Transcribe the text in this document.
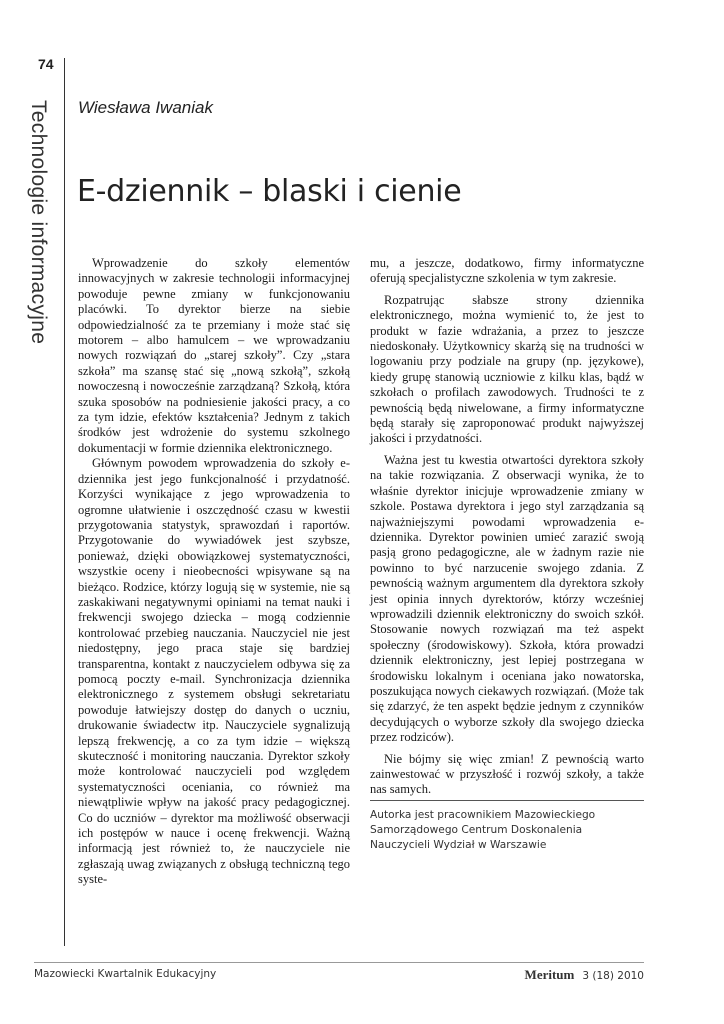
74
Technologie informacyjne Wiesława Iwaniak
E-dziennik – blaski i cienie

Wprowadzenie do szkoły elementów innowacyjnych w zakresie technologii informacyjnej powoduje pewne zmiany w funkcjonowaniu placówki. To dyrektor bierze na siebie odpowiedzialność za te przemiany i może stać się motorem – albo hamulcem – we wprowadzaniu nowych rozwiązań do „starej szkoły”. Czy „stara szkoła” ma szansę stać się „nową szkołą”, szkołą nowoczesną i nowocześnie zarządzaną? Szkołą, która szuka sposobów na podniesienie jakości pracy, a co za tym idzie, efektów kształcenia? Jednym z takich środków jest wdrożenie do systemu szkolnego dokumentacji w formie dziennika elektronicznego.

Głównym powodem wprowadzenia do szkoły e-dziennika jest jego funkcjonalność i przydatność. Korzyści wynikające z jego wprowadzenia to ogromne ułatwienie i oszczędność czasu w kwestii przygotowania statystyk, sprawozdań i raportów. Przygotowanie do wywiadówek jest szybsze, ponieważ, dzięki obowiązkowej systematyczności, wszystkie oceny i nieobecności wpisywane są na bieżąco. Rodzice, którzy logują się w systemie, nie są zaskakiwani negatywnymi opiniami na temat nauki i frekwencji swojego dziecka – mogą codziennie kontrolować przebieg nauczania. Nauczyciel nie jest niedostępny, jego praca staje się bardziej transparentna, kontakt z nauczycielem odbywa się za pomocą poczty e-mail. Synchronizacja dziennika elektronicznego z systemem obsługi sekretariatu powoduje łatwiejszy dostęp do danych o uczniu, drukowanie świadectw itp. Nauczyciele sygnalizują lepszą frekwencję, a co za tym idzie – większą skuteczność i monitoring nauczania. Dyrektor szkoły może kontrolować nauczycieli pod względem systematyczności oceniania, co również ma niewątpliwie wpływ na jakość pracy pedagogicznej. Co do uczniów – dyrektor ma możliwość obserwacji ich postępów w nauce i ocenę frekwencji. Ważną informacją jest również to, że nauczyciele nie zgłaszają uwag związanych z obsługą techniczną tego syste-

mu, a jeszcze, dodatkowo, firmy informatyczne oferują specjalistyczne szkolenia w tym zakresie.

Rozpatrując słabsze strony dziennika elektronicznego, można wymienić to, że jest to produkt w fazie wdrażania, a przez to jeszcze niedoskonały. Użytkownicy skarżą się na trudności w logowaniu przy podziale na grupy (np. językowe), kiedy grupę stanowią uczniowie z kilku klas, bądź w szkołach o profilach zawodowych. Trudności te z pewnością będą niwelowane, a firmy informatyczne będą starały się zaproponować produkt najwyższej jakości i przydatności.

Ważna jest tu kwestia otwartości dyrektora szkoły na takie rozwiązania. Z obserwacji wynika, że to właśnie dyrektor inicjuje wprowadzenie zmiany w szkole. Postawa dyrektora i jego styl zarządzania są najważniejszymi powodami wprowadzenia e-dziennika. Dyrektor powinien umieć zarazić swoją pasją grono pedagogiczne, ale w żadnym razie nie powinno to być narzucenie swojego zdania. Z pewnością ważnym argumentem dla dyrektora szkoły jest opinia innych dyrektorów, którzy wcześniej wprowadzili dziennik elektroniczny do swoich szkół. Stosowanie nowych rozwiązań ma też aspekt społeczny (środowiskowy). Szkoła, która prowadzi dziennik elektroniczny, jest lepiej postrzegana w środowisku lokalnym i oceniana jako nowatorska, poszukująca nowych ciekawych rozwiązań. (Może tak się zdarzyć, że ten aspekt będzie jednym z czynników decydujących o wyborze szkoły dla swojego dziecka przez rodziców).

Nie bójmy się więc zmian! Z pewnością warto zainwestować w przyszłość i rozwój szkoły, a także nas samych.

Autorka jest pracownikiem Mazowieckiego Samorządowego Centrum Doskonalenia Nauczycieli Wydział w Warszawie
Mazowiecki Kwartalnik Edukacyjny	Meritum 3 (18) 2010
